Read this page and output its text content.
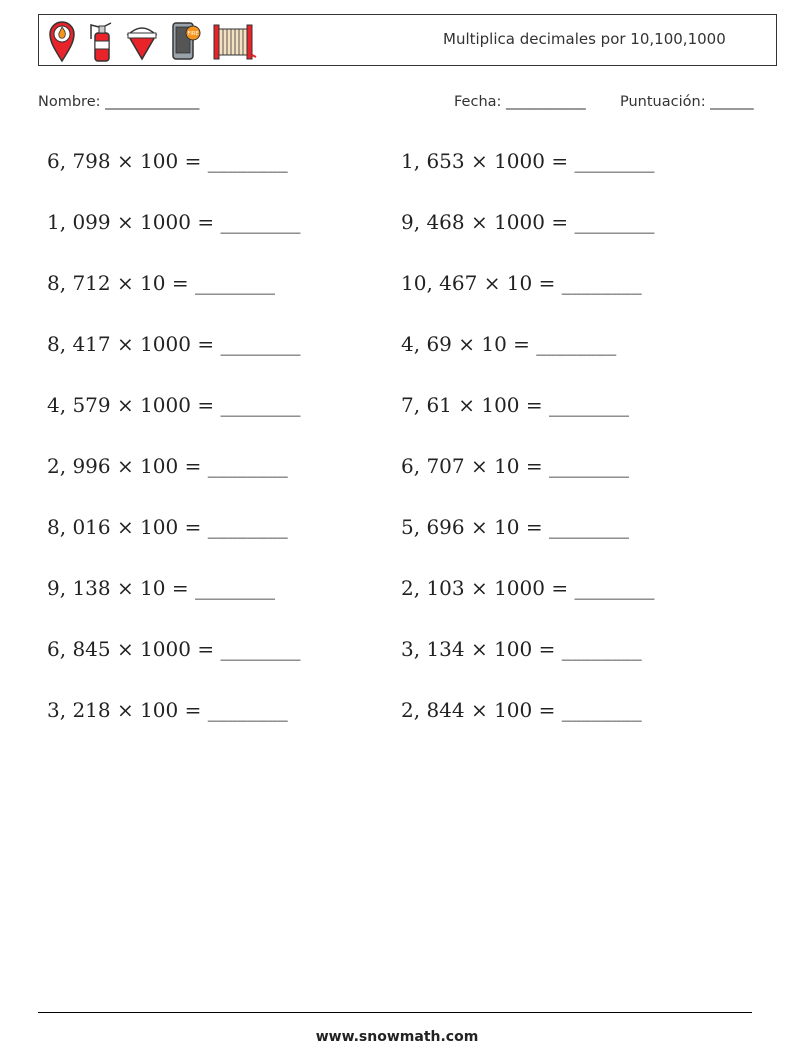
FIRE	Multiplica decimales por 10,100,1000
Nombre: _____________	Fecha: ___________ Puntuación: ______
6, 798 × 100 = ________
1, 099 × 1000 = ________
8, 712 × 10 = ________
8, 417 × 1000 = ________
4, 579 × 1000 = ________
2, 996 × 100 = ________
8, 016 × 100 = ________
9, 138 × 10 = ________
6, 845 × 1000 = ________
3, 218 × 100 = ________
1, 653 × 1000 = ________
9, 468 × 1000 = ________
10, 467 × 10 = ________
4, 69 × 10 = ________
7, 61 × 100 = ________
6, 707 × 10 = ________
5, 696 × 10 = ________
2, 103 × 1000 = ________
3, 134 × 100 = ________
2, 844 × 100 = ________
www.snowmath.com
